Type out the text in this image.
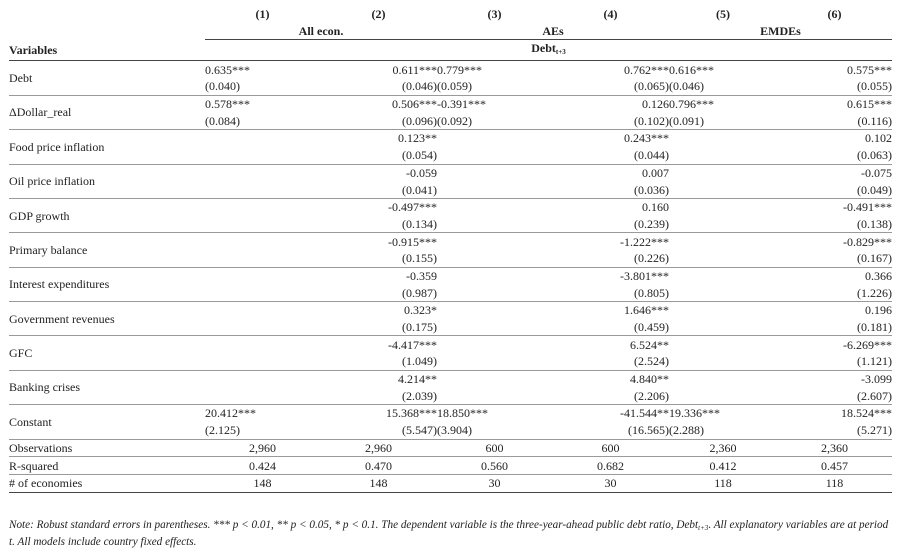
	(1)	(2)	(3)	(4)	(5)	(6)
	All econ.		AEs		EMDEs	
Variables	Debt$_{t+3}$
Debt	0.635***	0.611***	0.779***	0.762***	0.616***	0.575***
	(0.040)	(0.046)	(0.059)	(0.065)	(0.046)	(0.055)
ΔDollar_real	0.578***	0.506***	-0.391***	0.126	0.796***	0.615***
	(0.084)	(0.096)	(0.092)	(0.102)	(0.091)	(0.116)
Food price inflation		0.123**		0.243***		0.102
		(0.054)		(0.044)		(0.063)
Oil price inflation		-0.059		0.007		-0.075
		(0.041)		(0.036)		(0.049)
GDP growth		-0.497***		0.160		-0.491***
		(0.134)		(0.239)		(0.138)
Primary balance		-0.915***		-1.222***		-0.829***
		(0.155)		(0.226)		(0.167)
Interest expenditures		-0.359		-3.801***		0.366
		(0.987)		(0.805)		(1.226)
Government revenues		0.323*		1.646***		0.196
		(0.175)		(0.459)		(0.181)
GFC		-4.417***		6.524**		-6.269***
		(1.049)		(2.524)		(1.121)
Banking crises		4.214**		4.840**		-3.099
		(2.039)		(2.206)		(2.607)
Constant	20.412***	15.368***	18.850***	-41.544**	19.336***	18.524***
	(2.125)	(5.547)	(3.904)	(16.565)	(2.288)	(5.271)
Observations	2,960	2,960	600	600	2,360	2,360
R-squared	0.424	0.470	0.560	0.682	0.412	0.457
# of economies	148	148	30	30	118	118
Note: Robust standard errors in parentheses. *** p < 0.01, ** p < 0.05, * p < 0.1. The dependent variable is the three-year-ahead public debt ratio, Debt$_{t+3}$. All explanatory variables are at period t. All models include country fixed effects.
